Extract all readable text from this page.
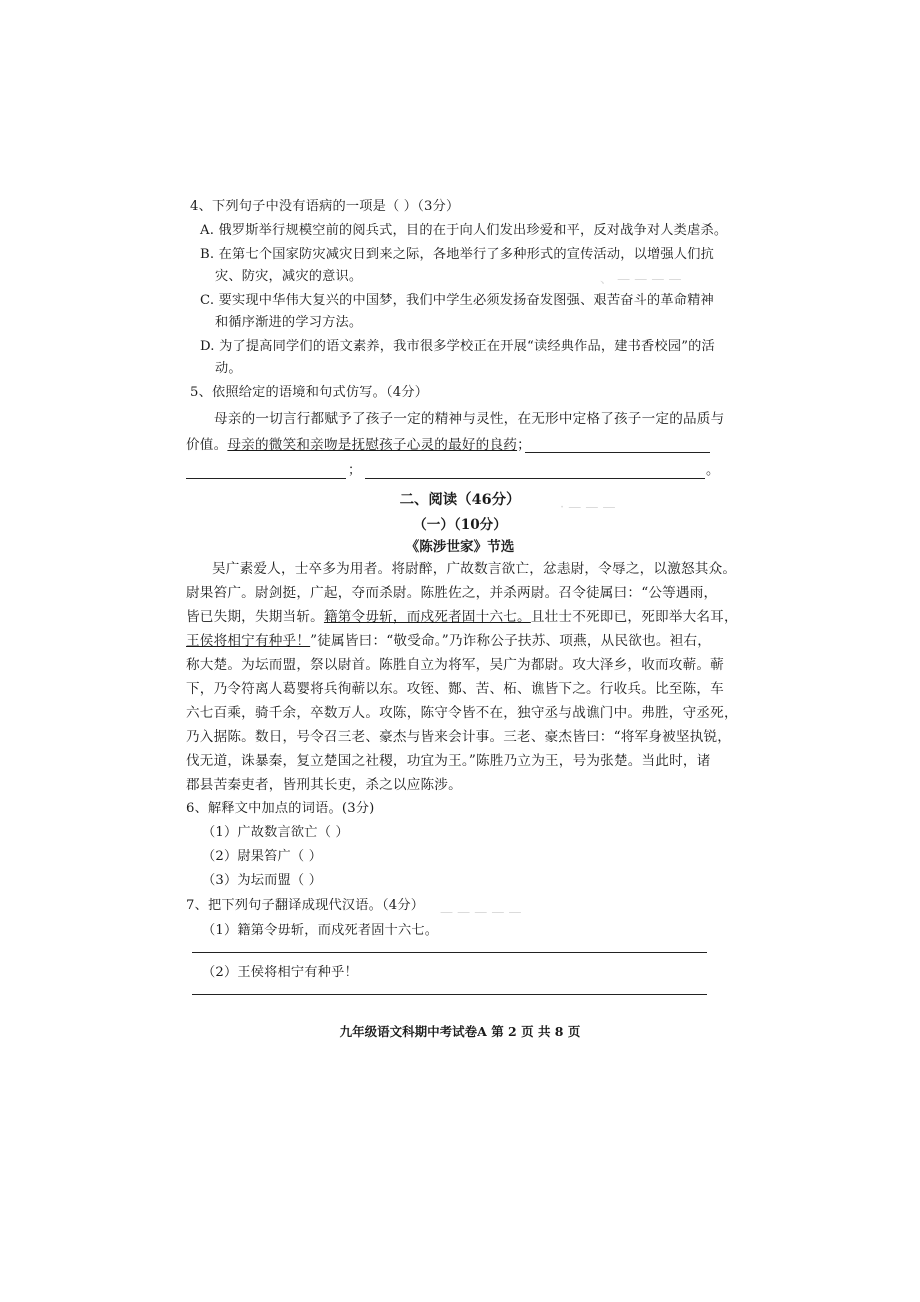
、 — — — —
· — — —
— — — — —
4、下列句子中没有语病的一项是（ ）（3分）
A. 俄罗斯举行规模空前的阅兵式，目的在于向人们发出珍爱和平，反对战争对人类虐杀。
B. 在第七个国家防灾减灾日到来之际，各地举行了多种形式的宣传活动，以增强人们抗
灾、防灾，减灾的意识。
C. 要实现中华伟大复兴的中国梦，我们中学生必须发扬奋发图强、艰苦奋斗的革命精神
和循序渐进的学习方法。
D. 为了提高同学们的语文素养，我市很多学校正在开展“读经典作品，建书香校园”的活
动。
5、依照给定的语境和句式仿写。（4分）
母亲的一切言行都赋予了孩子一定的精神与灵性，在无形中定格了孩子一定的品质与
价值。母亲的微笑和亲吻是抚慰孩子心灵的最好的良药；
；	。
二、阅读（46分）
（一）（10分）
《陈涉世家》节选
吴广素爱人，士卒多为用者。将尉醉，广故数言欲亡，忿恚尉，令辱之，以激怒其众。
尉果笞广。尉剑挺，广起，夺而杀尉。陈胜佐之，并杀两尉。召令徒属曰：“公等遇雨，
皆已失期，失期当斩。籍第令毋斩，而戍死者固十六七。且壮士不死即已，死即举大名耳，
王侯将相宁有种乎！”徒属皆曰：“敬受命。”乃诈称公子扶苏、项燕，从民欲也。袒右，
称大楚。为坛而盟，祭以尉首。陈胜自立为将军，吴广为都尉。攻大泽乡，收而攻蕲。蕲
下，乃令符离人葛婴将兵徇蕲以东。攻铚、酂、苦、柘、谯皆下之。行收兵。比至陈，车
六七百乘，骑千余，卒数万人。攻陈，陈守令皆不在，独守丞与战谯门中。弗胜，守丞死，
乃入据陈。数日，号令召三老、豪杰与皆来会计事。三老、豪杰皆曰：“将军身被坚执锐，
伐无道，诛暴秦，复立楚国之社稷，功宜为王。”陈胜乃立为王，号为张楚。当此时，诸
郡县苦秦吏者，皆刑其长吏，杀之以应陈涉。
6、解释文中加点的词语。(3分)
（1）广故数言欲亡（ ）
（2）尉果笞广（ ）
（3）为坛而盟（ ）
7、把下列句子翻译成现代汉语。（4分）
（1）籍第令毋斩，而戍死者固十六七。
（2）王侯将相宁有种乎！
九年级语文科期中考试卷A 第 2 页 共 8 页
